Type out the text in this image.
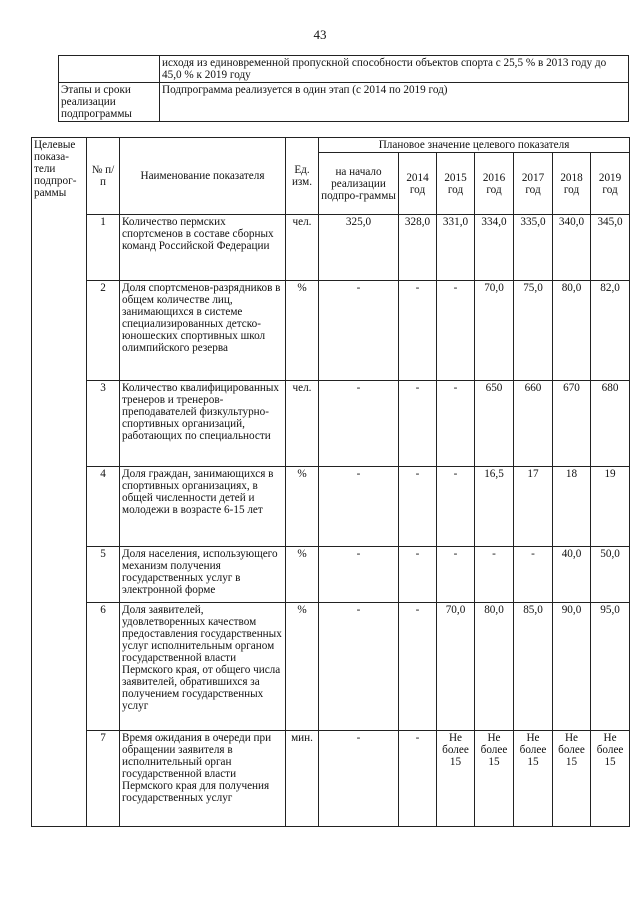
43
	исходя из единовременной пропускной способности объектов спорта с 25,5 % в 2013 году до 45,0 % к 2019 году
Этапы и сроки реализации подпрограммы	Подпрограмма реализуется в один этап (с 2014 по 2019 год)
Целевые показа-тели подпрог-раммы	№ п/п	Наименование показателя	Ед. изм.	Плановое значение целевого показателя						
				на начало реализации подпро-граммы	2014 год	2015 год	2016 год	2017 год	2018 год	2019 год
	1	Количество пермских спортсменов в составе сборных команд Российской Федерации	чел.	325,0	328,0	331,0	334,0	335,0	340,0	345,0
	2	Доля спортсменов-разрядников в общем количестве лиц, занимающихся в системе специализированных детско-юношеских спортивных школ олимпийского резерва	%	-	-	-	70,0	75,0	80,0	82,0
	3	Количество квалифицированных тренеров и тренеров-преподавателей физкультурно-спортивных организаций, работающих по специальности	чел.	-	-	-	650	660	670	680
	4	Доля граждан, занимающихся в спортивных организациях, в общей численности детей и молодежи в возрасте 6-15 лет	%	-	-	-	16,5	17	18	19
	5	Доля населения, использующего механизм получения государственных услуг в электронной форме	%	-	-	-	-	-	40,0	50,0
	6	Доля заявителей, удовлетворенных качеством предоставления государственных услуг исполнительным органом государственной власти Пермского края, от общего числа заявителей, обратившихся за получением государственных услуг	%	-	-	70,0	80,0	85,0	90,0	95,0
	7	Время ожидания в очереди при обращении заявителя в исполнительный орган государственной власти Пермского края для получения государственных услуг	мин.	-	-	Не более 15	Не более 15	Не более 15	Не более 15	Не более 15
